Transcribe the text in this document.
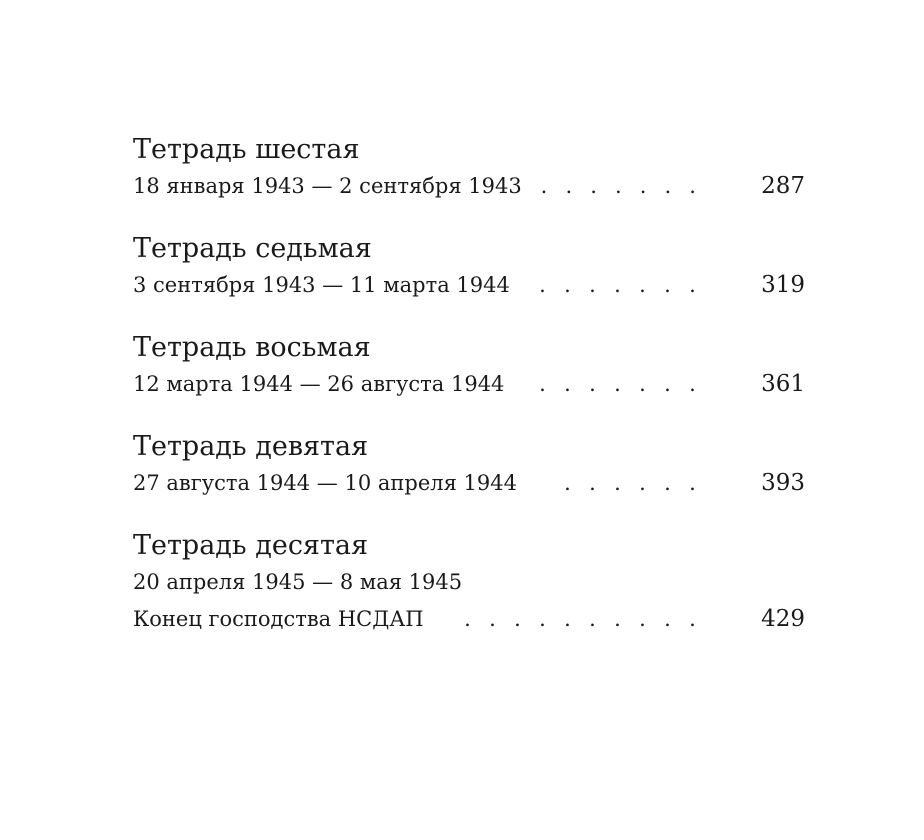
Тетрадь шестая
18 января 1943 — 2 сентября 1943 . . . . . . .	287
Тетрадь седьмая
3 сентября 1943 — 11 марта 1944	. . . . . . .	319
Тетрадь восьмая
12 марта 1944 — 26 августа 1944	. . . . . . .	361
Тетрадь девятая
27 августа 1944 — 10 апреля 1944	. . . . . .	393
Тетрадь десятая
20 апреля 1945 — 8 мая 1945
Конец господства НСДАП	. . . . . . . . . .	429
